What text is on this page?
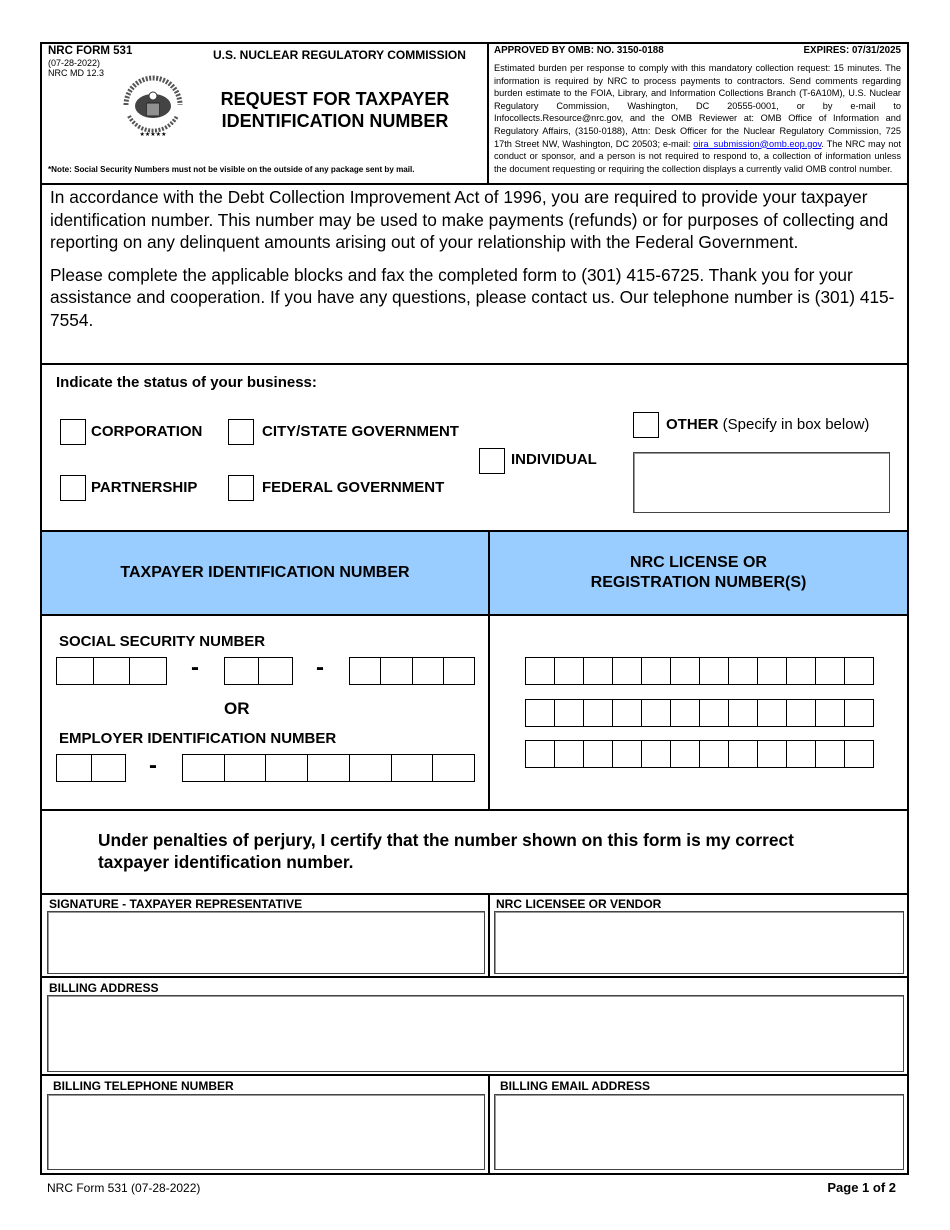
NRC FORM 531
(07-28-2022)
NRC MD 12.3
U.S. NUCLEAR REGULATORY COMMISSION
★★★★★
REQUEST FOR TAXPAYER
IDENTIFICATION NUMBER
*Note: Social Security Numbers must not be visible on the outside of any package sent by mail.
APPROVED BY OMB: NO. 3150-0188	EXPIRES: 07/31/2025
Estimated burden per response to comply with this mandatory collection request: 15 minutes. The information is required by NRC to process payments to contractors. Send comments regarding burden estimate to the FOIA, Library, and Information Collections Branch (T-6A10M), U.S. Nuclear Regulatory Commission, Washington, DC 20555-0001, or by e-mail to Infocollects.Resource@nrc.gov, and the OMB Reviewer at: OMB Office of Information and Regulatory Affairs, (3150-0188), Attn: Desk Officer for the Nuclear Regulatory Commission, 725 17th Street NW, Washington, DC 20503; e-mail: oira_submission@omb.eop.gov. The NRC may not conduct or sponsor, and a person is not required to respond to, a collection of information unless the document requesting or requiring the collection displays a currently valid OMB control number.
In accordance with the Debt Collection Improvement Act of 1996, you are required to provide your taxpayer identification number. This number may be used to make payments (refunds) or for purposes of collecting and reporting on any delinquent amounts arising out of your relationship with the Federal Government.
Please complete the applicable blocks and fax the completed form to (301) 415-6725. Thank you for your assistance and cooperation. If you have any questions, please contact us. Our telephone number is (301) 415-7554.
Indicate the status of your business:
CORPORATION	CITY/STATE GOVERNMENT
PARTNERSHIP	FEDERAL GOVERNMENT
INDIVIDUAL
OTHER (Specify in box below)
TAXPAYER IDENTIFICATION NUMBER
NRC LICENSE OR
REGISTRATION NUMBER(S)
SOCIAL SECURITY NUMBER
-	-
OR
EMPLOYER IDENTIFICATION NUMBER
-
Under penalties of perjury, I certify that the number shown on this form is my correct
taxpayer identification number.
SIGNATURE - TAXPAYER REPRESENTATIVE	NRC LICENSEE OR VENDOR
BILLING ADDRESS
BILLING TELEPHONE NUMBER	BILLING EMAIL ADDRESS
NRC Form 531 (07-28-2022)	Page 1 of 2
